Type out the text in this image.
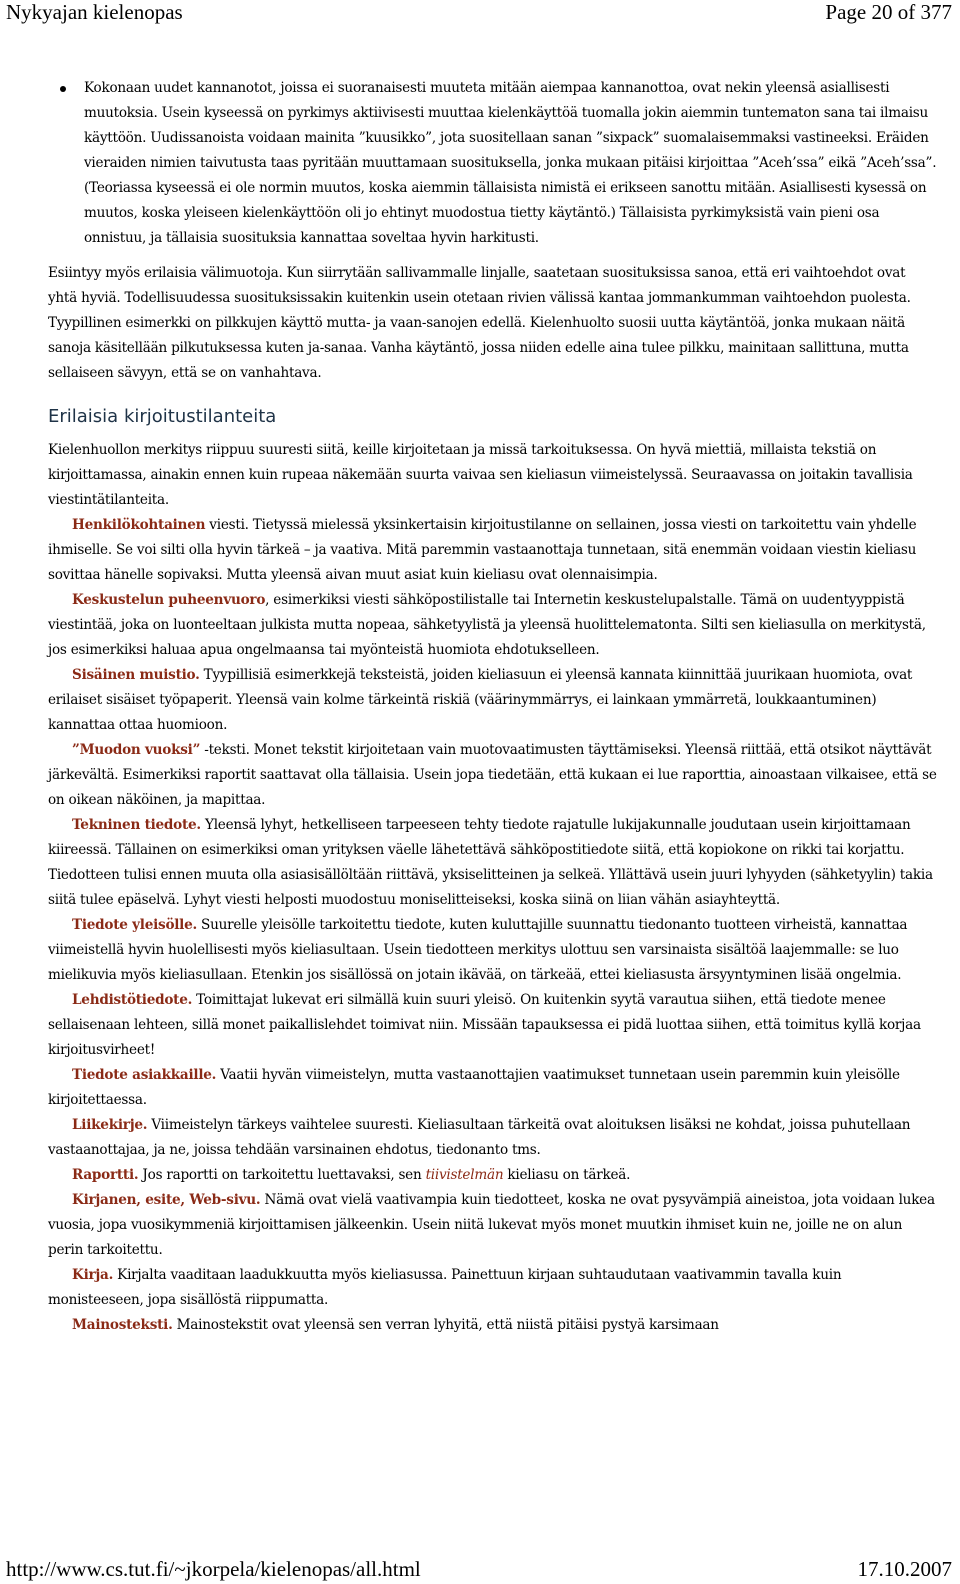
Nykyajan kielenopas	Page 20 of 377
Kokonaan uudet kannanotot, joissa ei suoranaisesti muuteta mitään aiempaa kannanottoa, ovat nekin yleensä asiallisesti muutoksia. Usein kyseessä on pyrkimys aktiivisesti muuttaa kielenkäyttöä tuomalla jokin aiemmin tuntematon sana tai ilmaisu käyttöön. Uudissanoista voidaan mainita ”kuusikko”, jota suositellaan sanan ”sixpack” suomalaisemmaksi vastineeksi. Eräiden vieraiden nimien taivutusta taas pyritään muuttamaan suosituksella, jonka mukaan pitäisi kirjoittaa ”Aceh’ssa” eikä ”Aceh’ssa”. (Teoriassa kyseessä ei ole normin muutos, koska aiemmin tällaisista nimistä ei erikseen sanottu mitään. Asiallisesti kysessä on muutos, koska yleiseen kielenkäyttöön oli jo ehtinyt muodostua tietty käytäntö.) Tällaisista pyrkimyksistä vain pieni osa onnistuu, ja tällaisia suosituksia kannattaa soveltaa hyvin harkitusti.

Esiintyy myös erilaisia välimuotoja. Kun siirrytään sallivammalle linjalle, saatetaan suosituksissa sanoa, että eri vaihtoehdot ovat yhtä hyviä. Todellisuudessa suosituksissakin kuitenkin usein otetaan rivien välissä kantaa jommankumman vaihtoehdon puolesta. Tyypillinen esimerkki on pilkkujen käyttö mutta- ja vaan-sanojen edellä. Kielenhuolto suosii uutta käytäntöä, jonka mukaan näitä sanoja käsitellään pilkutuksessa kuten ja-sanaa. Vanha käytäntö, jossa niiden edelle aina tulee pilkku, mainitaan sallittuna, mutta sellaiseen sävyyn, että se on vanhahtava.

Erilaisia kirjoitustilanteita

Kielenhuollon merkitys riippuu suuresti siitä, keille kirjoitetaan ja missä tarkoituksessa. On hyvä miettiä, millaista tekstiä on kirjoittamassa, ainakin ennen kuin rupeaa näkemään suurta vaivaa sen kieliasun viimeistelyssä. Seuraavassa on joitakin tavallisia viestintätilanteita.

Henkilökohtainen viesti. Tietyssä mielessä yksinkertaisin kirjoitustilanne on sellainen, jossa viesti on tarkoitettu vain yhdelle ihmiselle. Se voi silti olla hyvin tärkeä – ja vaativa. Mitä paremmin vastaanottaja tunnetaan, sitä enemmän voidaan viestin kieliasu sovittaa hänelle sopivaksi. Mutta yleensä aivan muut asiat kuin kieliasu ovat olennaisimpia.

Keskustelun puheenvuoro, esimerkiksi viesti sähköpostilistalle tai Internetin keskustelupalstalle. Tämä on uudentyyppistä viestintää, joka on luonteeltaan julkista mutta nopeaa, sähketyylistä ja yleensä huolittelematonta. Silti sen kieliasulla on merkitystä, jos esimerkiksi haluaa apua ongelmaansa tai myönteistä huomiota ehdotukselleen.

Sisäinen muistio. Tyypillisiä esimerkkejä teksteistä, joiden kieliasuun ei yleensä kannata kiinnittää juurikaan huomiota, ovat erilaiset sisäiset työpaperit. Yleensä vain kolme tärkeintä riskiä (väärinymmärrys, ei lainkaan ymmärretä, loukkaantuminen) kannattaa ottaa huomioon.

”Muodon vuoksi” -teksti. Monet tekstit kirjoitetaan vain muotovaatimusten täyttämiseksi. Yleensä riittää, että otsikot näyttävät järkevältä. Esimerkiksi raportit saattavat olla tällaisia. Usein jopa tiedetään, että kukaan ei lue raporttia, ainoastaan vilkaisee, että se on oikean näköinen, ja mapittaa.

Tekninen tiedote. Yleensä lyhyt, hetkelliseen tarpeeseen tehty tiedote rajatulle lukijakunnalle joudutaan usein kirjoittamaan kiireessä. Tällainen on esimerkiksi oman yrityksen väelle lähetettävä sähköpostitiedote siitä, että kopiokone on rikki tai korjattu. Tiedotteen tulisi ennen muuta olla asiasisällöltään riittävä, yksiselitteinen ja selkeä. Yllättävä usein juuri lyhyyden (sähketyylin) takia siitä tulee epäselvä. Lyhyt viesti helposti muodostuu moniselitteiseksi, koska siinä on liian vähän asiayhteyttä.

Tiedote yleisölle. Suurelle yleisölle tarkoitettu tiedote, kuten kuluttajille suunnattu tiedonanto tuotteen virheistä, kannattaa viimeistellä hyvin huolellisesti myös kieliasultaan. Usein tiedotteen merkitys ulottuu sen varsinaista sisältöä laajemmalle: se luo mielikuvia myös kieliasullaan. Etenkin jos sisällössä on jotain ikävää, on tärkeää, ettei kieliasusta ärsyyntyminen lisää ongelmia.

Lehdistötiedote. Toimittajat lukevat eri silmällä kuin suuri yleisö. On kuitenkin syytä varautua siihen, että tiedote menee sellaisenaan lehteen, sillä monet paikallislehdet toimivat niin. Missään tapauksessa ei pidä luottaa siihen, että toimitus kyllä korjaa kirjoitusvirheet!

Tiedote asiakkaille. Vaatii hyvän viimeistelyn, mutta vastaanottajien vaatimukset tunnetaan usein paremmin kuin yleisölle kirjoitettaessa.

Liikekirje. Viimeistelyn tärkeys vaihtelee suuresti. Kieliasultaan tärkeitä ovat aloituksen lisäksi ne kohdat, joissa puhutellaan vastaanottajaa, ja ne, joissa tehdään varsinainen ehdotus, tiedonanto tms.

Raportti. Jos raportti on tarkoitettu luettavaksi, sen tiivistelmän kieliasu on tärkeä.

Kirjanen, esite, Web-sivu. Nämä ovat vielä vaativampia kuin tiedotteet, koska ne ovat pysyvämpiä aineistoa, jota voidaan lukea vuosia, jopa vuosikymmeniä kirjoittamisen jälkeenkin. Usein niitä lukevat myös monet muutkin ihmiset kuin ne, joille ne on alun perin tarkoitettu.

Kirja. Kirjalta vaaditaan laadukkuutta myös kieliasussa. Painettuun kirjaan suhtaudutaan vaativammin tavalla kuin monisteeseen, jopa sisällöstä riippumatta.

Mainosteksti. Mainostekstit ovat yleensä sen verran lyhyitä, että niistä pitäisi pystyä karsimaan

http://www.cs.tut.fi/~jkorpela/kielenopas/all.html	17.10.2007
